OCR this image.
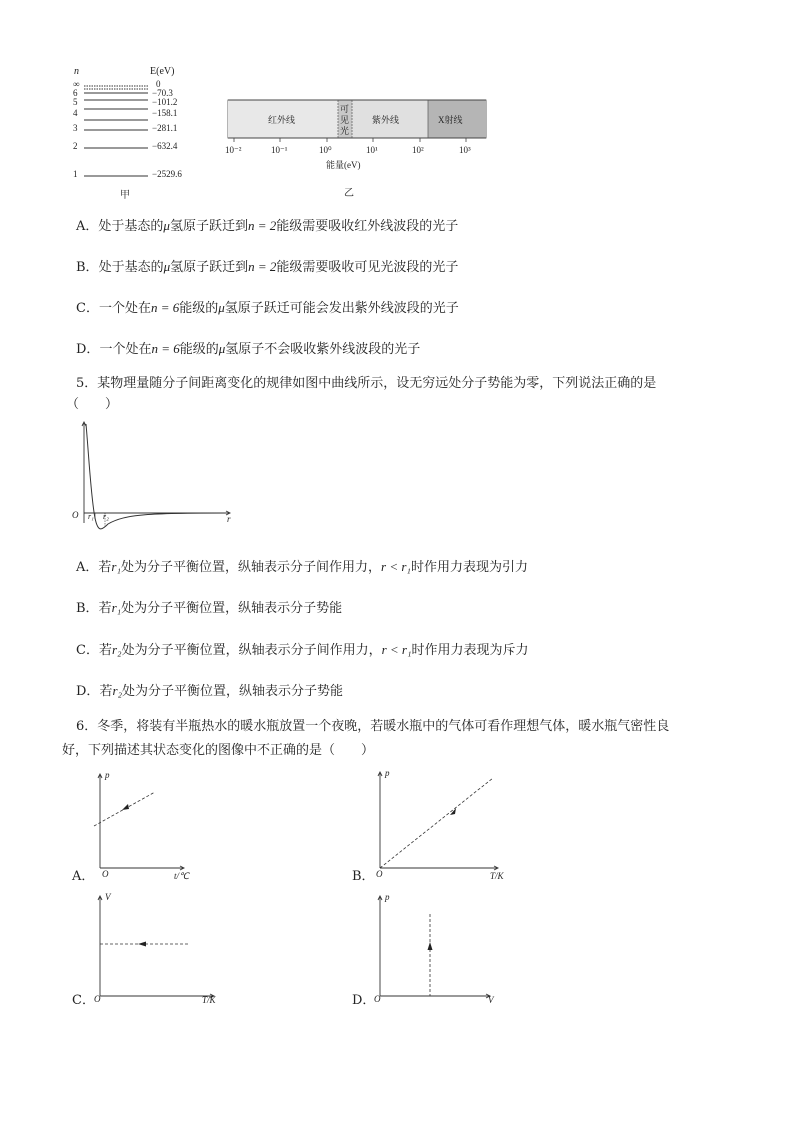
n	E(eV)
∞	0
6	−70.3
5	−101.2
4	−158.1
3	−281.1
2	−632.4
1	−2529.6
甲
红外线
可
见
光
紫外线	X射线
10⁻²	10⁻¹	10⁰	10¹	10²	10³
能量(eV)
乙
A．处于基态的μ氢原子跃迁到n = 2能级需要吸收红外线波段的光子
B．处于基态的μ氢原子跃迁到n = 2能级需要吸收可见光波段的光子
C．一个处在n = 6能级的μ氢原子跃迁可能会发出紫外线波段的光子
D．一个处在n = 6能级的μ氢原子不会吸收紫外线波段的光子
5．某物理量随分子间距离变化的规律如图中曲线所示，设无穷远处分子势能为零，下列说法正确的是
（　　）
O r₁ r₂	r
A．若r₁处为分子平衡位置，纵轴表示分子间作用力，r < r₁时作用力表现为引力
B．若r₁处为分子平衡位置，纵轴表示分子势能
C．若r₂处为分子平衡位置，纵轴表示分子间作用力，r < r₁时作用力表现为斥力
D．若r₂处为分子平衡位置，纵轴表示分子势能
6．冬季，将装有半瓶热水的暖水瓶放置一个夜晚，若暖水瓶中的气体可看作理想气体，暖水瓶气密性良
好，下列描述其状态变化的图像中不正确的是（　　）
p
O	t/℃
A．
p
O	T/K
B．
V
O	T/K
C．
p
O	V
D．
